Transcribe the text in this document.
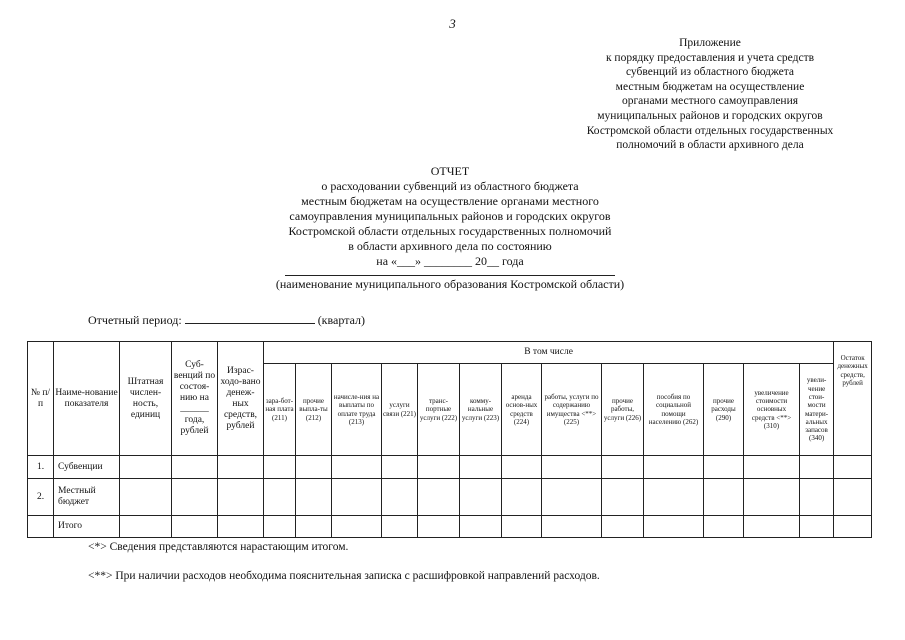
3
Приложение
к порядку предоставления и учета средств
субвенций из областного бюджета
местным бюджетам на осуществление
органами местного самоуправления
муниципальных районов и городских округов
Костромской области отдельных государственных
полномочий в области архивного дела
ОТЧЕТ
о расходовании субвенций из областного бюджета
местным бюджетам на осуществление органами местного
самоуправления муниципальных районов и городских округов
Костромской области отдельных государственных полномочий
в области архивного дела по состоянию
на «___» ________ 20__ года
(наименование муниципального образования Костромской области)
Отчетный период:	(квартал)
№ п/п	Наиме-нование показателя	Штатная числен-ность, единиц	Суб-венций по состоя-нию на ______ года, рублей	Израс-ходо-вано денеж-ных средств, рублей	В том числе													Остаток денежных средств, рублей
					зара-бот-ная плата (211)	прочие выпла-ты (212)	начисле-ния на выплаты по оплате труда (213)	услуги связи (221)	транс-портные услуги (222)	комму-нальные услуги (223)	аренда основ-ных средств (224)	работы, услуги по содержанию имущества <**> (225)	прочие работы, услуги (226)	пособия по социальной помощи населению (262)	прочие расходы (290)	увеличение стоимости основных средств <**> (310)	увели-чение стои-мости матери-альных запасов (340)	
1.	Субвенции																	
2.	Местный бюджет																	
	Итого																	
<*> Сведения представляются нарастающим итогом.
<**> При наличии расходов необходима пояснительная записка с расшифровкой направлений расходов.
